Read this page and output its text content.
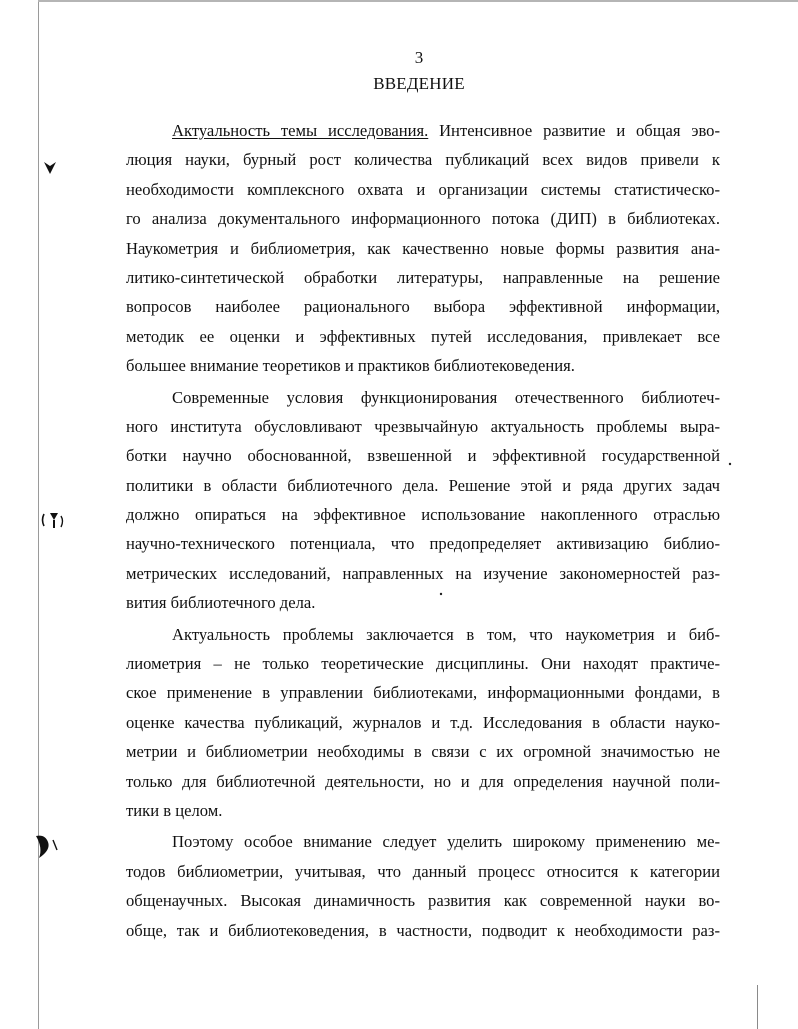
3
ВВЕДЕНИЕ
Актуальность темы исследования. Интенсивное развитие и общая эво-
люция науки, бурный рост количества публикаций всех видов привели к
необходимости комплексного охвата и организации системы статистическо-
го анализа документального информационного потока (ДИП) в библиотеках.
Наукометрия и библиометрия, как качественно новые формы развития ана-
литико-синтетической обработки литературы, направленные на решение
вопросов наиболее рационального выбора эффективной информации,
методик ее оценки и эффективных путей исследования, привлекает все
большее внимание теоретиков и практиков библиотековедения.
Современные условия функционирования отечественного библиотеч-
ного института обусловливают чрезвычайную актуальность проблемы выра-
ботки научно обоснованной, взвешенной и эффективной государственной
политики в области библиотечного дела. Решение этой и ряда других задач
должно опираться на эффективное использование накопленного отраслью
научно-технического потенциала, что предопределяет активизацию библио-
метрических исследований, направленных на изучение закономерностей раз-
вития библиотечного дела.
Актуальность проблемы заключается в том, что наукометрия и биб-
лиометрия – не только теоретические дисциплины. Они находят практиче-
ское применение в управлении библиотеками, информационными фондами, в
оценке качества публикаций, журналов и т.д. Исследования в области науко-
метрии и библиометрии необходимы в связи с их огромной значимостью не
только для библиотечной деятельности, но и для определения научной поли-
тики в целом.
Поэтому особое внимание следует уделить широкому применению ме-
тодов библиометрии, учитывая, что данный процесс относится к категории
общенаучных. Высокая динамичность развития как современной науки во-
обще, так и библиотековедения, в частности, подводит к необходимости раз-
